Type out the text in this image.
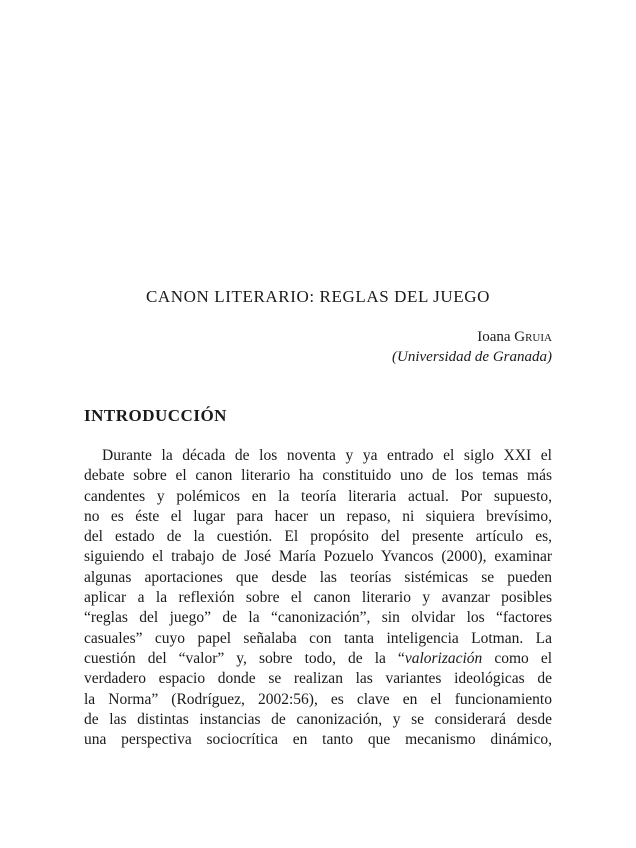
CANON LITERARIO: REGLAS DEL JUEGO
Ioana Gruia
(Universidad de Granada)
INTRODUCCIÓN
Durante la década de los noventa y ya entrado el siglo XXI el
debate sobre el canon literario ha constituido uno de los temas más
candentes y polémicos en la teoría literaria actual. Por supuesto,
no es éste el lugar para hacer un repaso, ni siquiera brevísimo,
del estado de la cuestión. El propósito del presente artículo es,
siguiendo el trabajo de José María Pozuelo Yvancos (2000), examinar
algunas aportaciones que desde las teorías sistémicas se pueden
aplicar a la reflexión sobre el canon literario y avanzar posibles
“reglas del juego” de la “canonización”, sin olvidar los “factores
casuales” cuyo papel señalaba con tanta inteligencia Lotman. La
cuestión del “valor” y, sobre todo, de la “valorización como el
verdadero espacio donde se realizan las variantes ideológicas de
la Norma” (Rodríguez, 2002:56), es clave en el funcionamiento
de las distintas instancias de canonización, y se considerará desde
una perspectiva sociocrítica en tanto que mecanismo dinámico,
